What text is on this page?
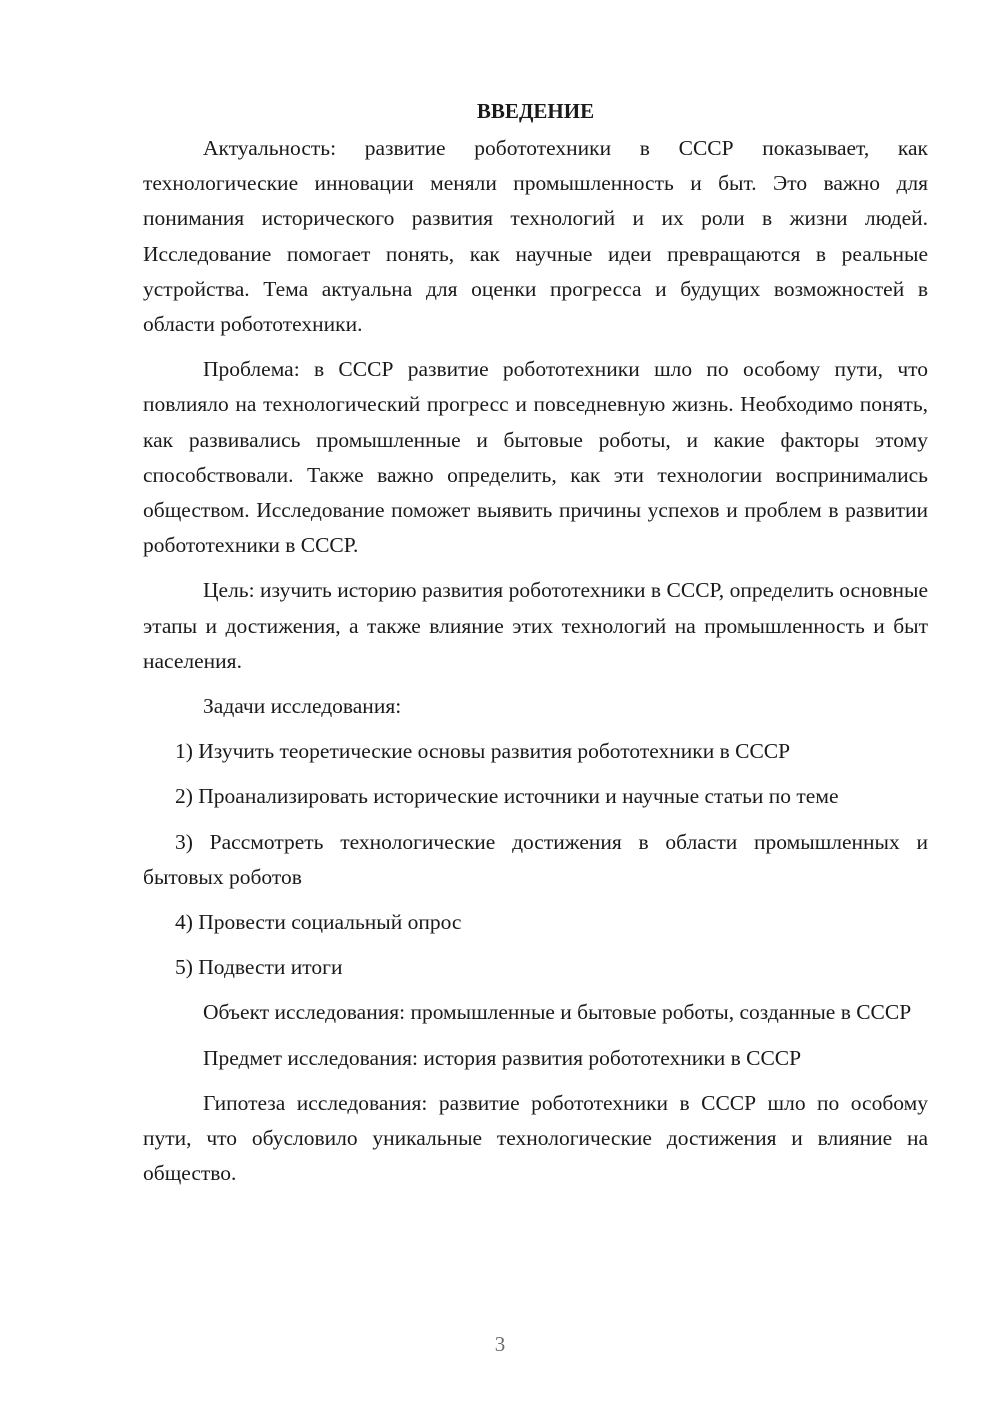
ВВЕДЕНИЕ

Актуальность: развитие робототехники в СССР показывает, как технологические инновации меняли промышленность и быт. Это важно для понимания исторического развития технологий и их роли в жизни людей. Исследование помогает понять, как научные идеи превращаются в реальные устройства. Тема актуальна для оценки прогресса и будущих возможностей в области робототехники.

Проблема: в СССР развитие робототехники шло по особому пути, что повлияло на технологический прогресс и повседневную жизнь. Необходимо понять, как развивались промышленные и бытовые роботы, и какие факторы этому способствовали. Также важно определить, как эти технологии воспринимались обществом. Исследование поможет выявить причины успехов и проблем в развитии робототехники в СССР.

Цель: изучить историю развития робототехники в СССР, определить основные этапы и достижения, а также влияние этих технологий на промышленность и быт населения.

Задачи исследования:

1) Изучить теоретические основы развития робототехники в СССР

2) Проанализировать исторические источники и научные статьи по теме

3) Рассмотреть технологические достижения в области промышленных и бытовых роботов

4) Провести социальный опрос

5) Подвести итоги

Объект исследования: промышленные и бытовые роботы, созданные в СССР

Предмет исследования: история развития робототехники в СССР

Гипотеза исследования: развитие робототехники в СССР шло по особому пути, что обусловило уникальные технологические достижения и влияние на общество.

3
